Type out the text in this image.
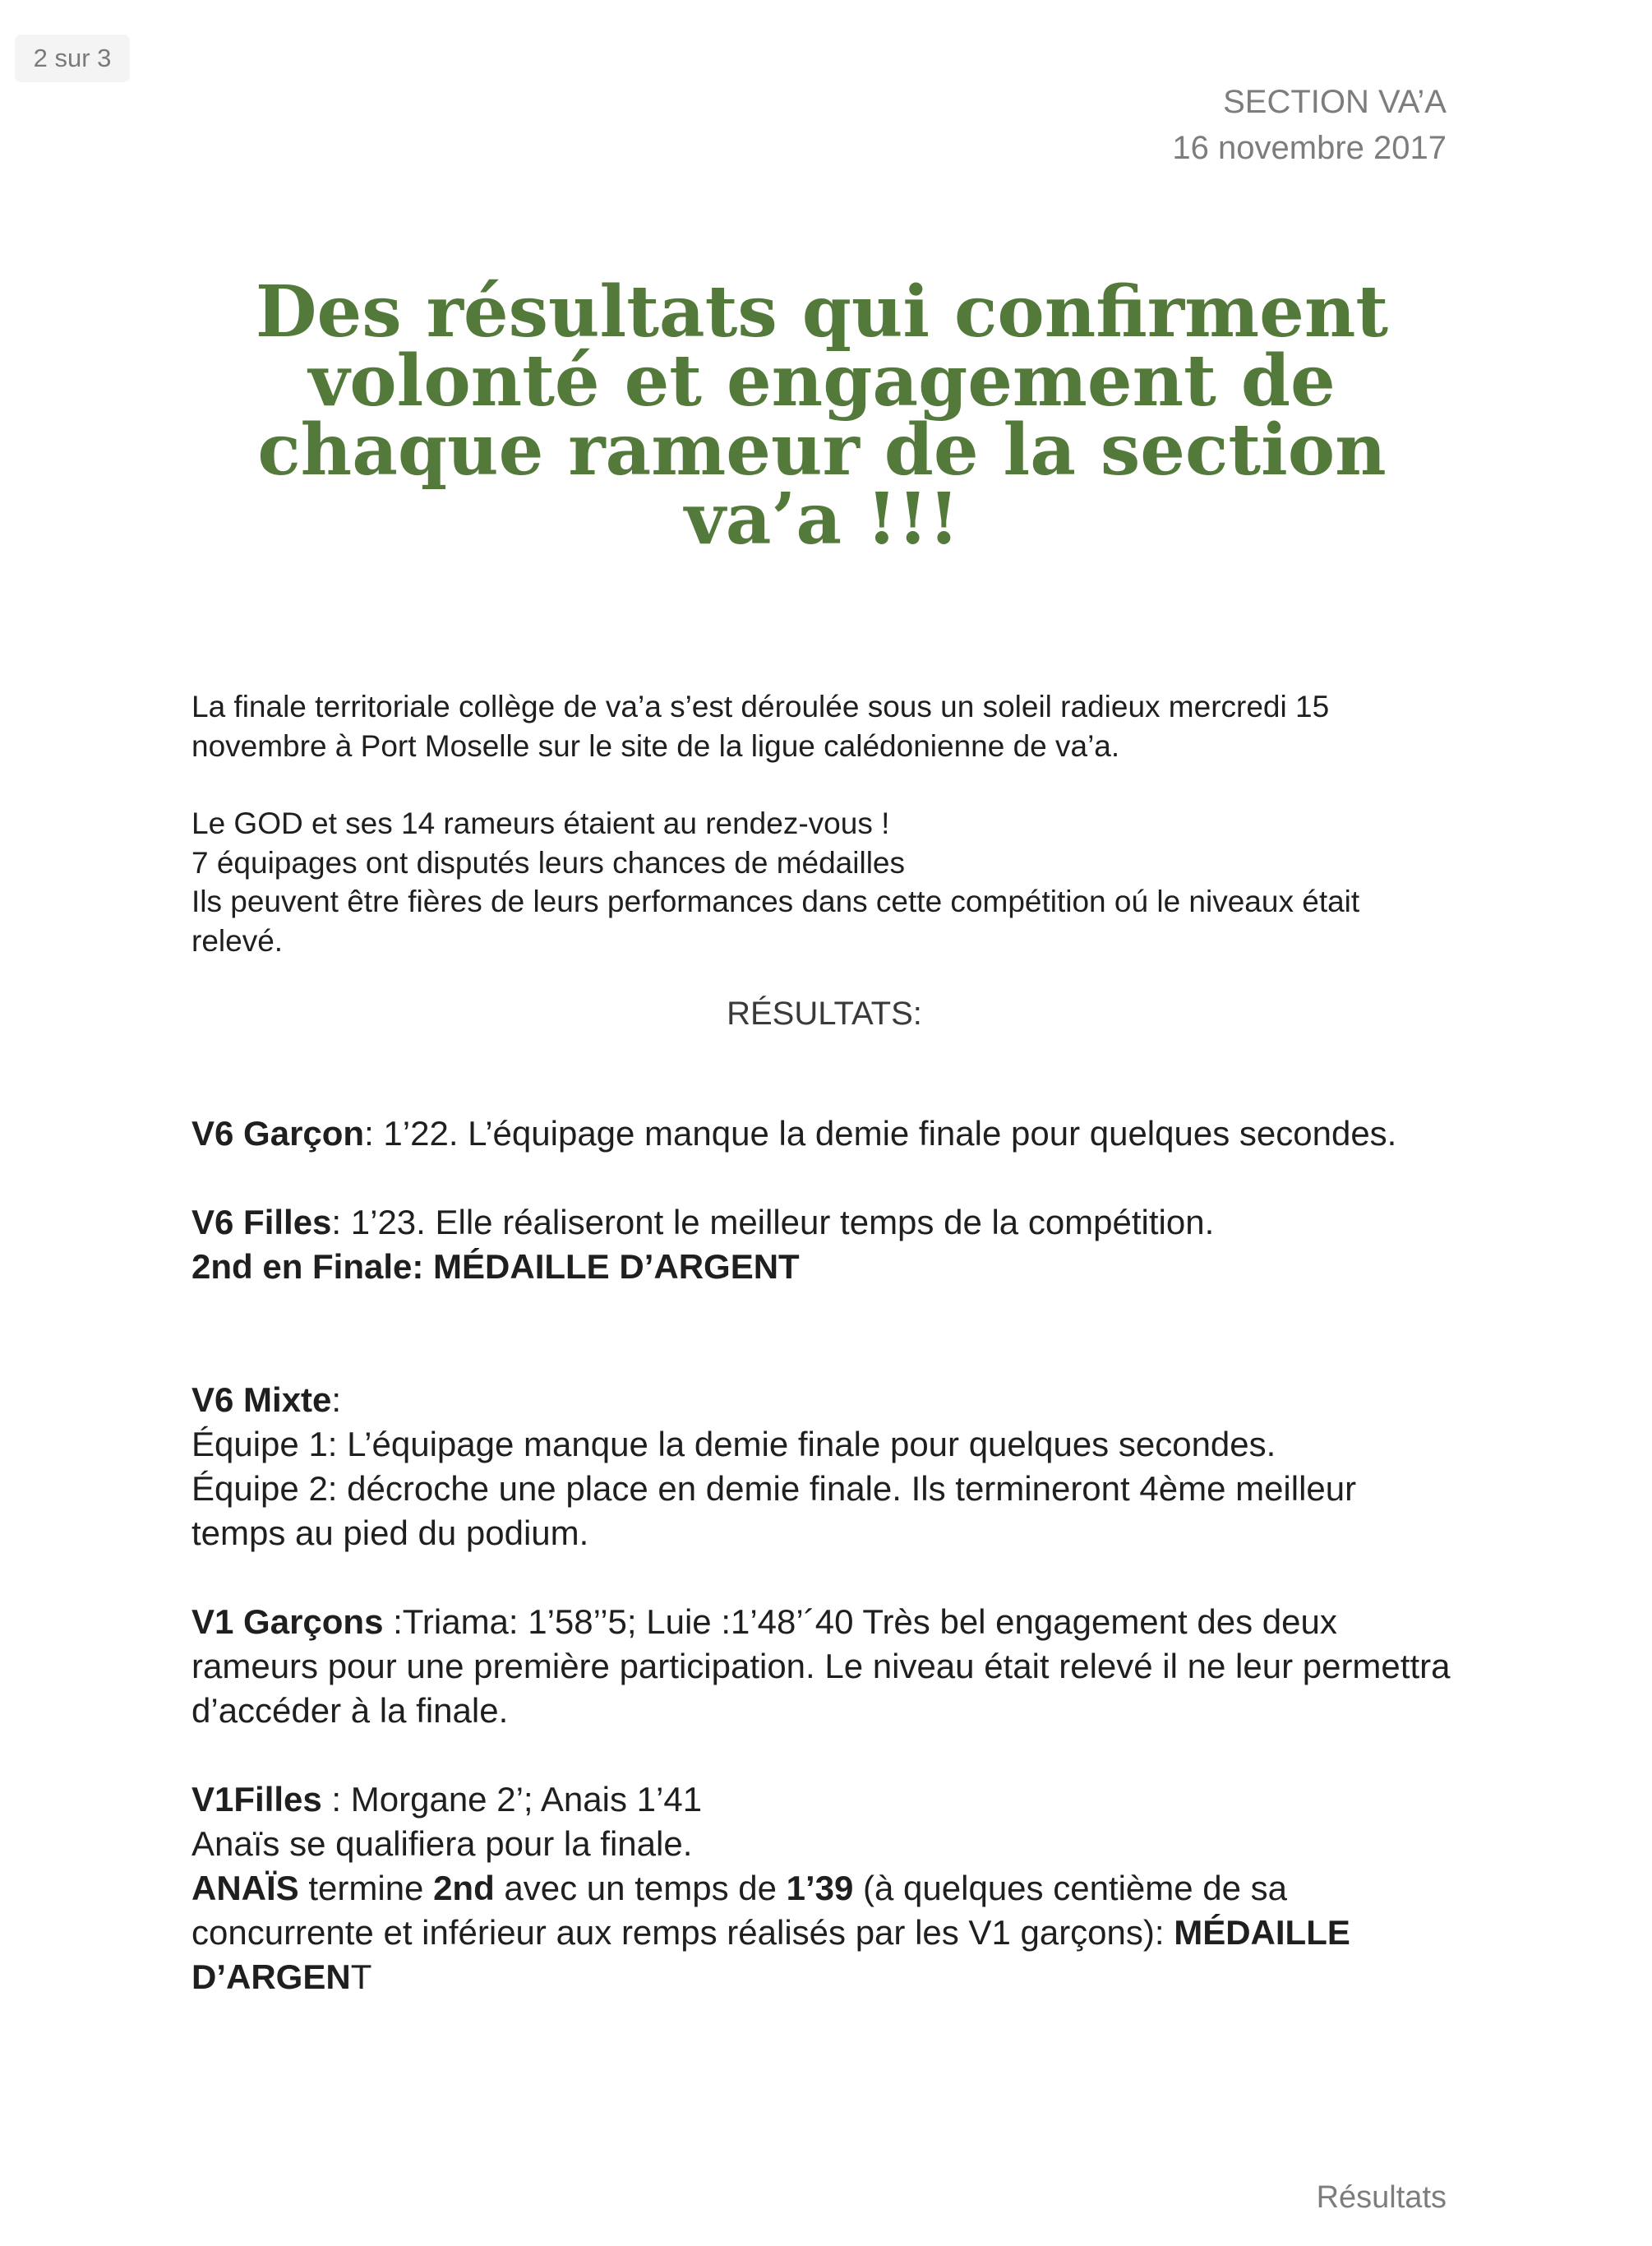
2 sur 3
SECTION VA’A
16 novembre 2017
Des résultats qui confirment volonté et engagement de chaque rameur de la section va’a !!!

La finale territoriale collège de va’a s’est déroulée sous un soleil radieux mercredi 15 novembre à Port Moselle sur le site de la ligue calédonienne de va’a.

Le GOD et ses 14 rameurs étaient au rendez-vous !

7 équipages ont disputés leurs chances de médailles

Ils peuvent être fières de leurs performances dans cette compétition oú le niveaux était relevé.

RÉSULTATS:

V6 Garçon: 1’22. L’équipage manque la demie finale pour quelques secondes.

V6 Filles: 1’23. Elle réaliseront le meilleur temps de la compétition.

2nd en Finale: MÉDAILLE D’ARGENT

V6 Mixte:

Équipe 1: L’équipage manque la demie finale pour quelques secondes.

Équipe 2: décroche une place en demie finale. Ils termineront 4ème meilleur temps au pied du podium.

V1 Garçons :Triama: 1’58’’5; Luie :1’48’´40 Très bel engagement des deux rameurs pour une première participation. Le niveau était relevé il ne leur permettra d’accéder à la finale.

V1Filles : Morgane 2’; Anais 1’41

Anaïs se qualifiera pour la finale.

ANAÏS termine 2nd avec un temps de 1’39 (à quelques centième de sa concurrente et inférieur aux remps réalisés par les V1 garçons): MÉDAILLE D’ARGENT

Résultats
